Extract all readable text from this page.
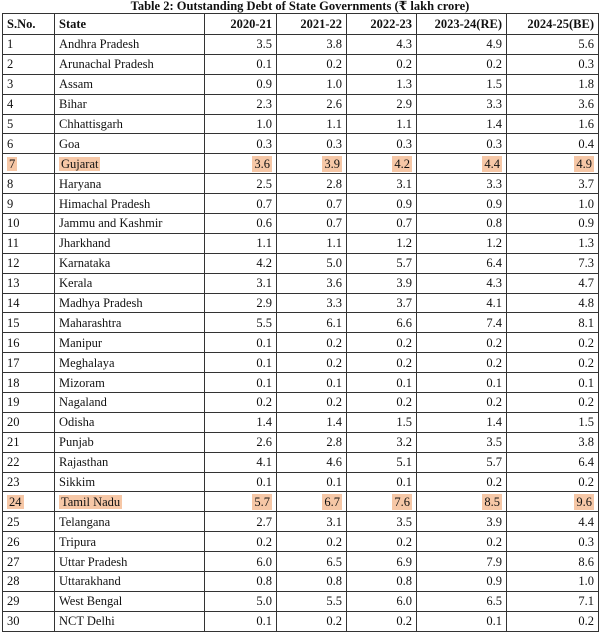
Table 2: Outstanding Debt of State Governments (₹ lakh crore)
S.No.	State	2020-21	2021-22	2022-23	2023-24(RE)	2024-25(BE)
1	Andhra Pradesh	3.5	3.8	4.3	4.9	5.6
2	Arunachal Pradesh	0.1	0.2	0.2	0.2	0.3
3	Assam	0.9	1.0	1.3	1.5	1.8
4	Bihar	2.3	2.6	2.9	3.3	3.6
5	Chhattisgarh	1.0	1.1	1.1	1.4	1.6
6	Goa	0.3	0.3	0.3	0.3	0.4
7	Gujarat	3.6	3.9	4.2	4.4	4.9
8	Haryana	2.5	2.8	3.1	3.3	3.7
9	Himachal Pradesh	0.7	0.7	0.9	0.9	1.0
10	Jammu and Kashmir	0.6	0.7	0.7	0.8	0.9
11	Jharkhand	1.1	1.1	1.2	1.2	1.3
12	Karnataka	4.2	5.0	5.7	6.4	7.3
13	Kerala	3.1	3.6	3.9	4.3	4.7
14	Madhya Pradesh	2.9	3.3	3.7	4.1	4.8
15	Maharashtra	5.5	6.1	6.6	7.4	8.1
16	Manipur	0.1	0.2	0.2	0.2	0.2
17	Meghalaya	0.1	0.2	0.2	0.2	0.2
18	Mizoram	0.1	0.1	0.1	0.1	0.1
19	Nagaland	0.2	0.2	0.2	0.2	0.2
20	Odisha	1.4	1.4	1.5	1.4	1.5
21	Punjab	2.6	2.8	3.2	3.5	3.8
22	Rajasthan	4.1	4.6	5.1	5.7	6.4
23	Sikkim	0.1	0.1	0.1	0.2	0.2
24	Tamil Nadu	5.7	6.7	7.6	8.5	9.6
25	Telangana	2.7	3.1	3.5	3.9	4.4
26	Tripura	0.2	0.2	0.2	0.2	0.3
27	Uttar Pradesh	6.0	6.5	6.9	7.9	8.6
28	Uttarakhand	0.8	0.8	0.8	0.9	1.0
29	West Bengal	5.0	5.5	6.0	6.5	7.1
30	NCT Delhi	0.1	0.2	0.2	0.1	0.2
